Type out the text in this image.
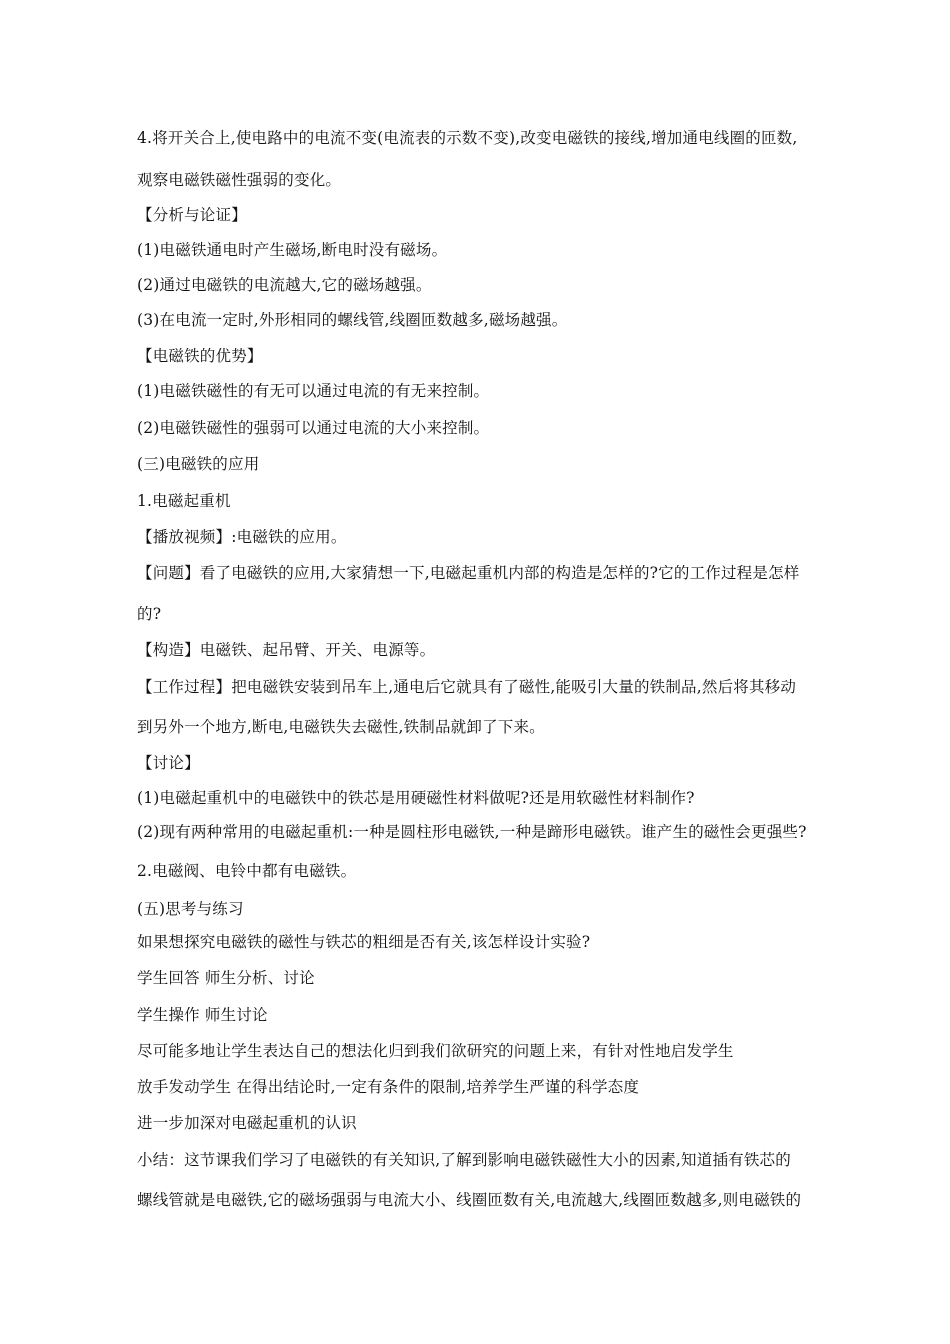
4.将开关合上,使电路中的电流不变(电流表的示数不变),改变电磁铁的接线,增加通电线圈的匝数,
观察电磁铁磁性强弱的变化。
【分析与论证】
(1)电磁铁通电时产生磁场,断电时没有磁场。
(2)通过电磁铁的电流越大,它的磁场越强。
(3)在电流一定时,外形相同的螺线管,线圈匝数越多,磁场越强。
【电磁铁的优势】
(1)电磁铁磁性的有无可以通过电流的有无来控制。
(2)电磁铁磁性的强弱可以通过电流的大小来控制。
(三)电磁铁的应用
1.电磁起重机
【播放视频】:电磁铁的应用。
【问题】看了电磁铁的应用,大家猜想一下,电磁起重机内部的构造是怎样的?它的工作过程是怎样
的?
【构造】电磁铁、起吊臂、开关、电源等。
【工作过程】把电磁铁安装到吊车上,通电后它就具有了磁性,能吸引大量的铁制品,然后将其移动
到另外一个地方,断电,电磁铁失去磁性,铁制品就卸了下来。
【讨论】
(1)电磁起重机中的电磁铁中的铁芯是用硬磁性材料做呢?还是用软磁性材料制作?
(2)现有两种常用的电磁起重机:一种是圆柱形电磁铁,一种是蹄形电磁铁。谁产生的磁性会更强些?
2.电磁阀、电铃中都有电磁铁。
(五)思考与练习
如果想探究电磁铁的磁性与铁芯的粗细是否有关,该怎样设计实验?
学生回答 师生分析、讨论
学生操作 师生讨论
尽可能多地让学生表达自己的想法化归到我们欲研究的问题上来，有针对性地启发学生
放手发动学生 在得出结论时,一定有条件的限制,培养学生严谨的科学态度
进一步加深对电磁起重机的认识
小结：这节课我们学习了电磁铁的有关知识,了解到影响电磁铁磁性大小的因素,知道插有铁芯的
螺线管就是电磁铁,它的磁场强弱与电流大小、线圈匝数有关,电流越大,线圈匝数越多,则电磁铁的
